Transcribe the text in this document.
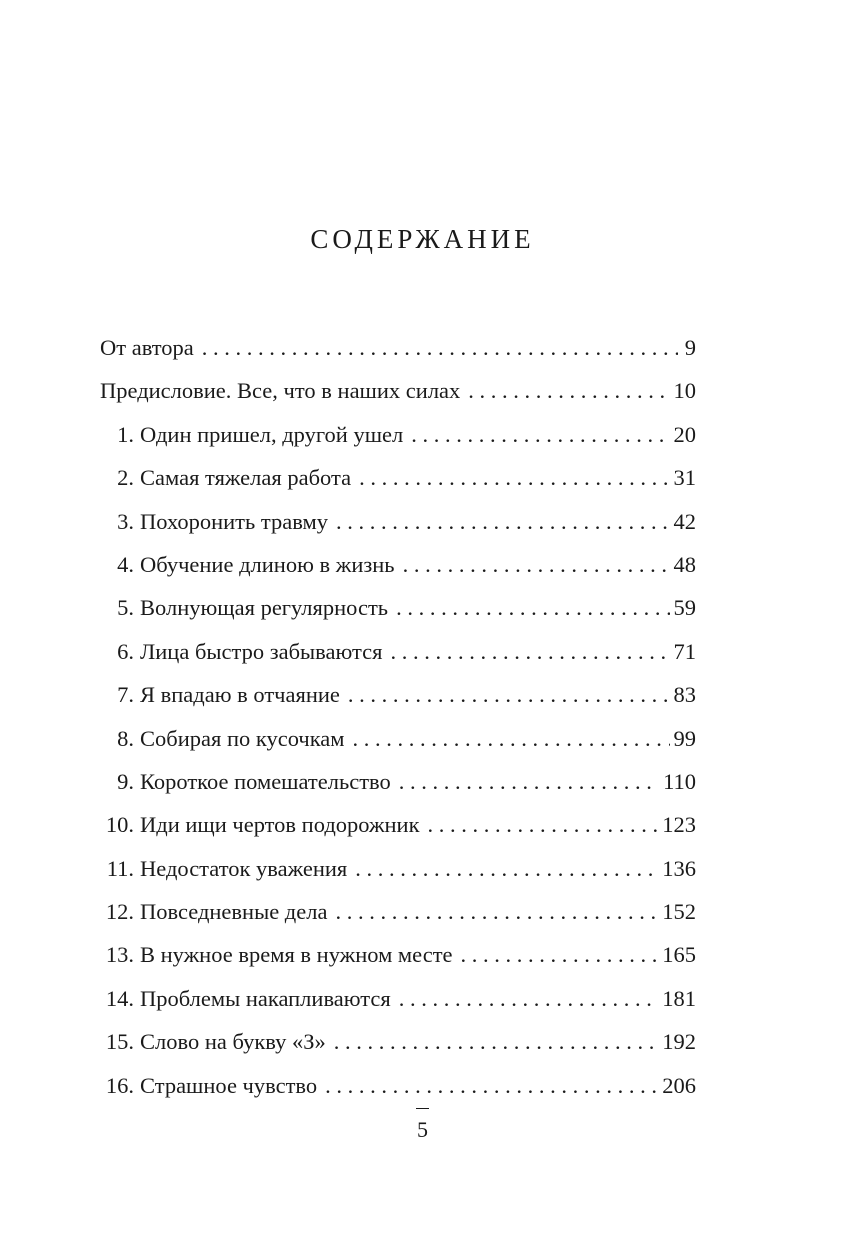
СОДЕРЖАНИЕ
От автора . . .	9
Предисловие. Все, что в наших силах . . .	10
1. Один пришел, другой ушел . . .	20
2. Самая тяжелая работа . . .	31
3. Похоронить травму . . .	42
4. Обучение длиною в жизнь . . .	48
5. Волнующая регулярность . . .	59
6. Лица быстро забываются . . .	71
7. Я впадаю в отчаяние . . .	83
8. Собирая по кусочкам . . .	99
9. Короткое помешательство . . .	110
10. Иди ищи чертов подорожник . . .	123
11. Недостаток уважения . . .	136
12. Повседневные дела . . .	152
13. В нужное время в нужном месте . . .	165
14. Проблемы накапливаются . . .	181
15. Слово на букву «З» . . .	192
16. Страшное чувство . . .	206
5
